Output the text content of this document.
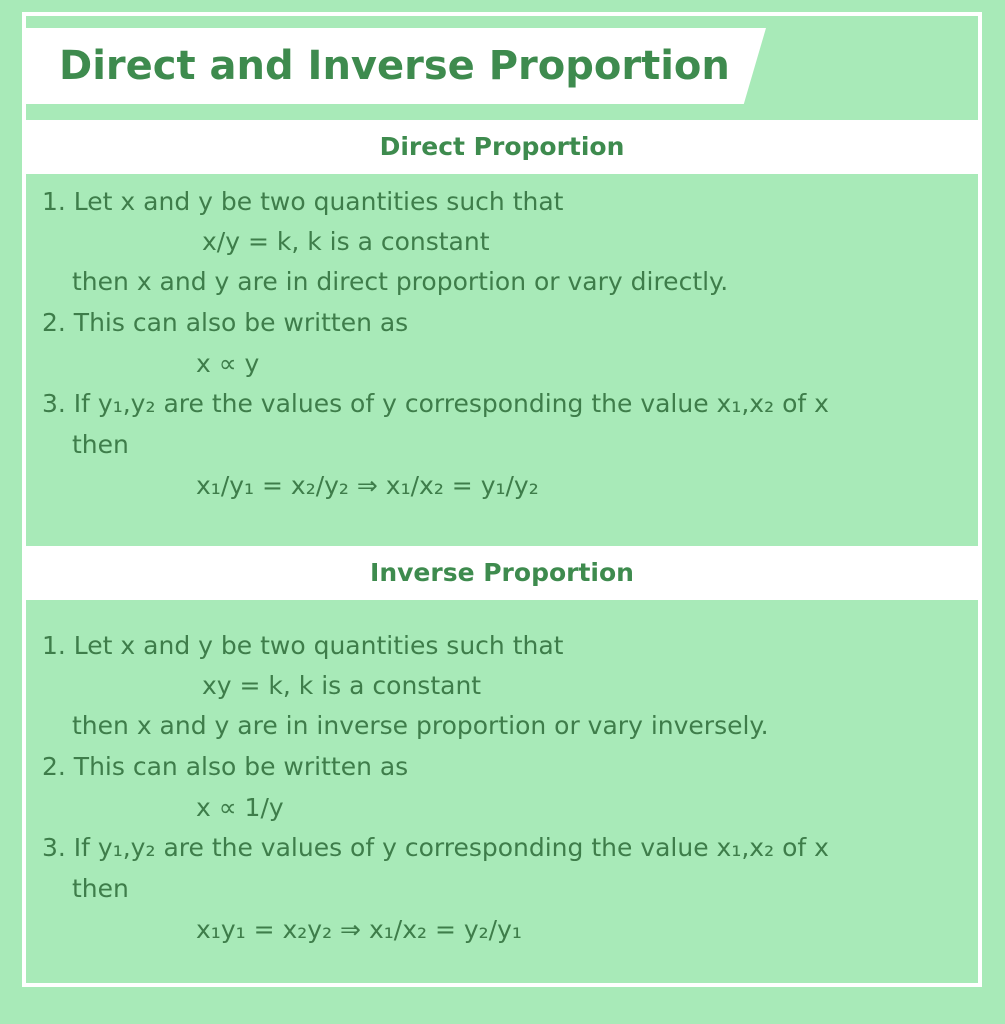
Direct and Inverse Proportion
Direct Proportion
1. Let x and y be two quantities such that
x/y = k, k is a constant
then x and y are in direct proportion or vary directly.
2. This can also be written as
x ∝ y
3. If y₁,y₂ are the values of y corresponding the value x₁,x₂ of x
then
x₁/y₁ = x₂/y₂ ⇒ x₁/x₂ = y₁/y₂
Inverse Proportion
1. Let x and y be two quantities such that
xy = k, k is a constant
then x and y are in inverse proportion or vary inversely.
2. This can also be written as
x ∝ 1/y
3. If y₁,y₂ are the values of y corresponding the value x₁,x₂ of x
then
x₁y₁ = x₂y₂ ⇒ x₁/x₂ = y₂/y₁
